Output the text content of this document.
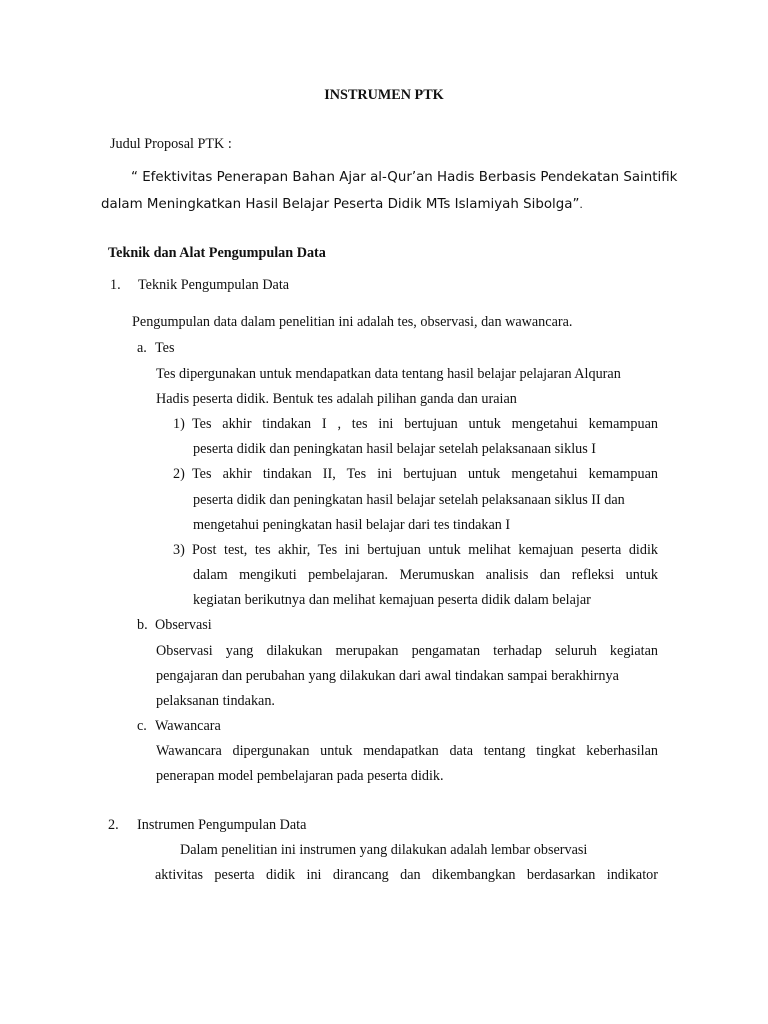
INSTRUMEN PTK
Judul Proposal PTK :
“ Efektivitas Penerapan Bahan Ajar al-Qur’an Hadis Berbasis Pendekatan Saintifik
dalam Meningkatkan Hasil Belajar Peserta Didik MTs Islamiyah Sibolga”.
Teknik dan Alat Pengumpulan Data
1. Teknik Pengumpulan Data
Pengumpulan data dalam penelitian ini adalah tes, observasi, dan wawancara.
a. Tes
Tes dipergunakan untuk mendapatkan data tentang hasil belajar pelajaran Alquran
Hadis peserta didik. Bentuk tes adalah pilihan ganda dan uraian
1) Tes akhir tindakan I , tes ini bertujuan untuk mengetahui kemampuan
peserta didik dan peningkatan hasil belajar setelah pelaksanaan siklus I
2) Tes akhir tindakan II, Tes ini bertujuan untuk mengetahui kemampuan
peserta didik dan peningkatan hasil belajar setelah pelaksanaan siklus II dan
mengetahui peningkatan hasil belajar dari tes tindakan I
3) Post test, tes akhir, Tes ini bertujuan untuk melihat kemajuan peserta didik
dalam mengikuti pembelajaran. Merumuskan analisis dan refleksi untuk
kegiatan berikutnya dan melihat kemajuan peserta didik dalam belajar
b. Observasi
Observasi yang dilakukan merupakan pengamatan terhadap seluruh kegiatan
pengajaran dan perubahan yang dilakukan dari awal tindakan sampai berakhirnya
pelaksanan tindakan.
c. Wawancara
Wawancara dipergunakan untuk mendapatkan data tentang tingkat keberhasilan
penerapan model pembelajaran pada peserta didik.
2. Instrumen Pengumpulan Data
Dalam penelitian ini instrumen yang dilakukan adalah lembar observasi
aktivitas peserta didik ini dirancang dan dikembangkan berdasarkan indikator
